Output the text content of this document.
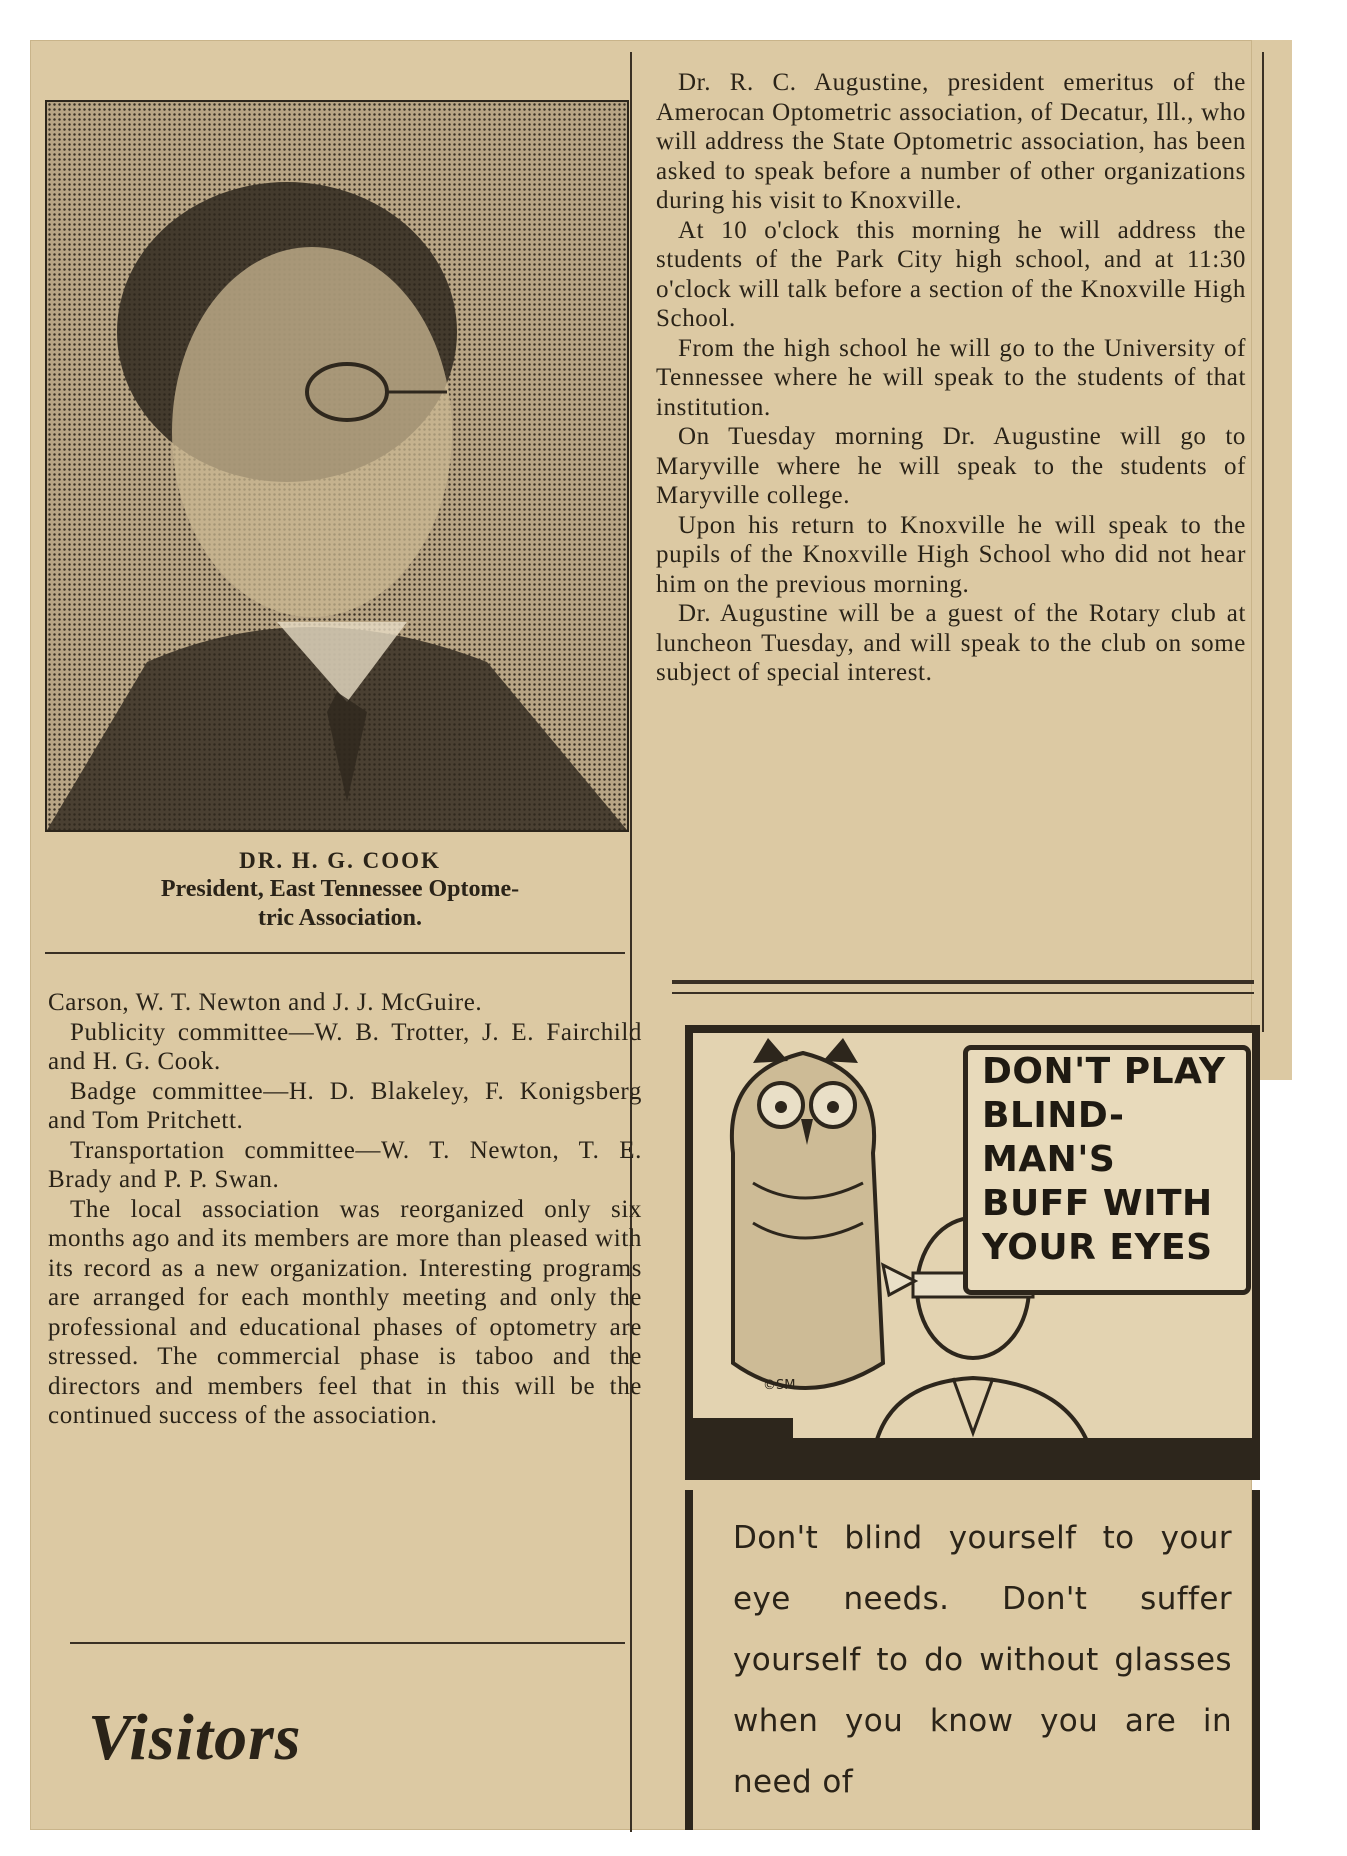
DR. H. G. COOK
President, East Tennessee Optome-
tric Association.

Carson, W. T. Newton and J. J. McGuire.

Publicity committee—W. B. Trotter, J. E. Fairchild and H. G. Cook.

Badge committee—H. D. Blakeley, F. Konigsberg and Tom Pritchett.

Transportation committee—W. T. Newton, T. E. Brady and P. P. Swan.

The local association was reorganized only six months ago and its members are more than pleased with its record as a new organization. Interesting programs are arranged for each monthly meeting and only the professional and educational phases of optometry are stressed. The commercial phase is taboo and the directors and members feel that in this will be the continued success of the association.

Visitors

Dr. R. C. Augustine, president emeritus of the Amerocan Optometric association, of Decatur, Ill., who will address the State Optometric association, has been asked to speak before a number of other organizations during his visit to Knoxville.

At 10 o'clock this morning he will address the students of the Park City high school, and at 11:30 o'clock will talk before a section of the Knoxville High School.

From the high school he will go to the University of Tennessee where he will speak to the students of that institution.

On Tuesday morning Dr. Augustine will go to Maryville where he will speak to the students of Maryville college.

Upon his return to Knoxville he will speak to the pupils of the Knoxville High School who did not hear him on the previous morning.

Dr. Augustine will be a guest of the Rotary club at luncheon Tuesday, and will speak to the club on some subject of special interest.

©SM
DON'T PLAY
BLIND-
MAN'S
BUFF WITH
YOUR EYES

Don't blind yourself to your eye needs. Don't suffer yourself to do without glasses when you know you are in need of
